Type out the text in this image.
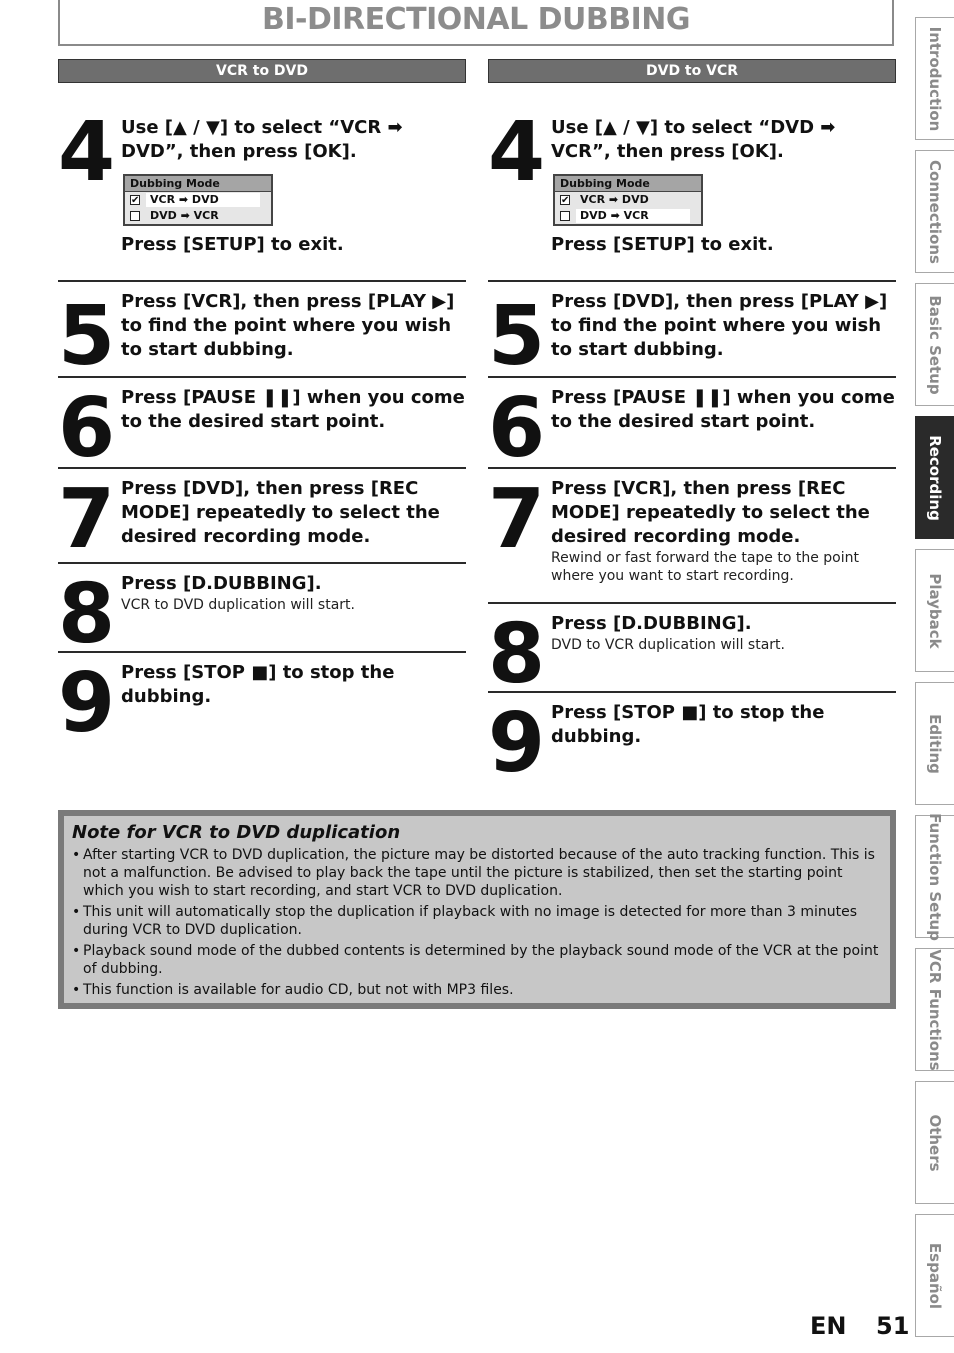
BI-DIRECTIONAL DUBBING
VCR to DVD	DVD to VCR
4 Use [▲ / ▼] to select “VCR ➡ DVD”, then press [OK].
Dubbing Mode
✔ VCR ➡ DVD
DVD ➡ VCR
Press [SETUP] to exit.
5 Press [VCR], then press [PLAY ▶] to find the point where you wish to start dubbing.
6 Press [PAUSE ❚❚] when you come to the desired start point.
7 Press [DVD], then press [REC MODE] repeatedly to select the desired recording mode.
8 Press [D.DUBBING].
VCR to DVD duplication will start.
9 Press [STOP ■] to stop the dubbing.
4 Use [▲ / ▼] to select “DVD ➡ VCR”, then press [OK].
Dubbing Mode
✔ VCR ➡ DVD
DVD ➡ VCR
Press [SETUP] to exit.
5 Press [DVD], then press [PLAY ▶] to find the point where you wish to start dubbing.
6 Press [PAUSE ❚❚] when you come to the desired start point.
7 Press [VCR], then press [REC MODE] repeatedly to select the desired recording mode.
Rewind or fast forward the tape to the point where you want to start recording.
8 Press [D.DUBBING].
DVD to VCR duplication will start.
9 Press [STOP ■] to stop the dubbing.
Note for VCR to DVD duplication
• After starting VCR to DVD duplication, the picture may be distorted because of the auto tracking function. This is not a malfunction. Be advised to play back the tape until the picture is stabilized, then set the starting point which you wish to start recording, and start VCR to DVD duplication.
• This unit will automatically stop the duplication if playback with no image is detected for more than 3 minutes during VCR to DVD duplication.
• Playback sound mode of the dubbed contents is determined by the playback sound mode of the VCR at the point of dubbing.
• This function is available for audio CD, but not with MP3 files.
Introduction
Connections
Basic Setup
Recording
Playback
Editing
Function Setup
VCR Functions
Others
Español
EN 51
